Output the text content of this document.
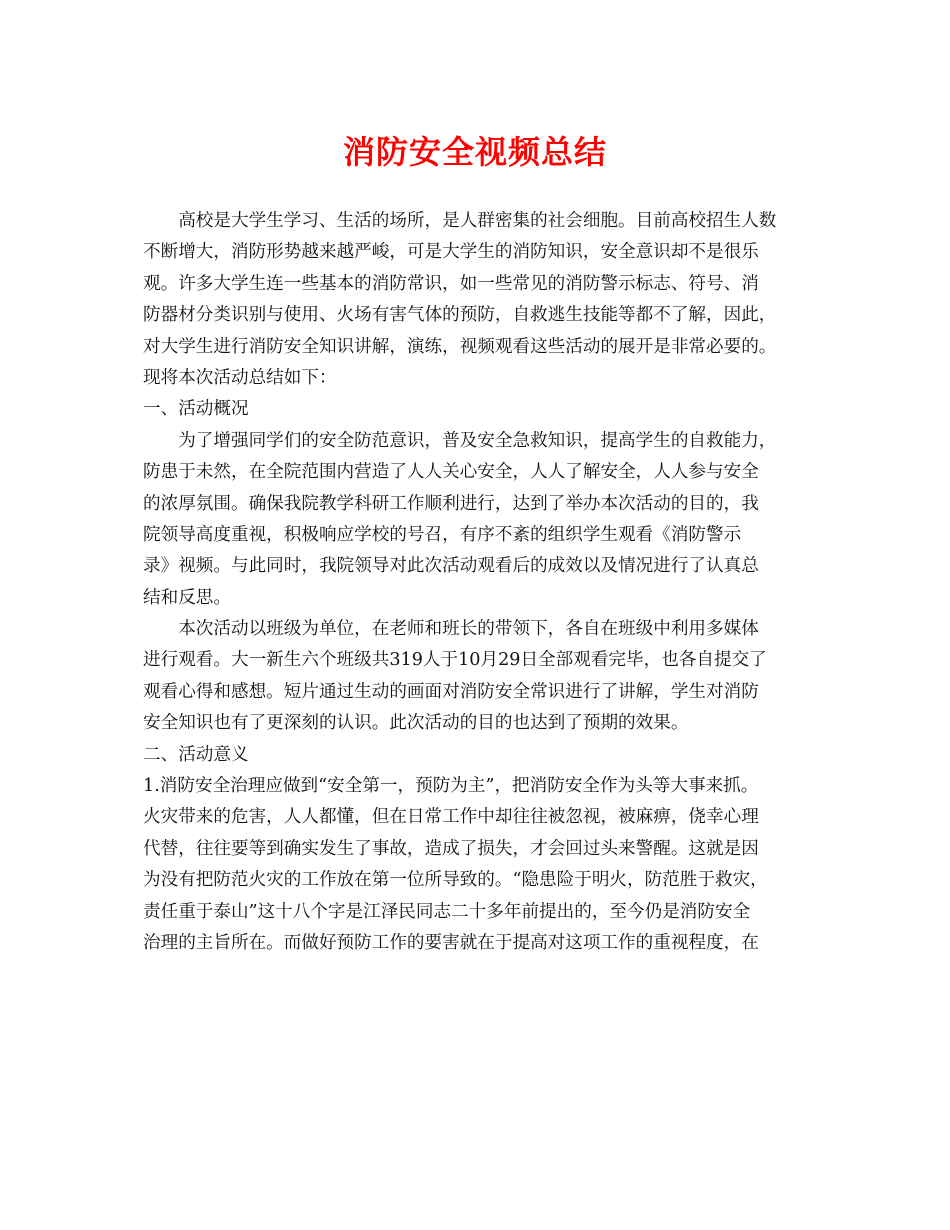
消防安全视频总结
　　高校是大学生学习、生活的场所，是人群密集的社会细胞。目前高校招生人数
不断增大，消防形势越来越严峻，可是大学生的消防知识，安全意识却不是很乐
观。许多大学生连一些基本的消防常识，如一些常见的消防警示标志、符号、消
防器材分类识别与使用、火场有害气体的预防，自救逃生技能等都不了解，因此，
对大学生进行消防安全知识讲解，演练，视频观看这些活动的展开是非常必要的。
现将本次活动总结如下：
一、活动概况
　　为了增强同学们的安全防范意识，普及安全急救知识，提高学生的自救能力，
防患于未然，在全院范围内营造了人人关心安全，人人了解安全，人人参与安全
的浓厚氛围。确保我院教学科研工作顺利进行，达到了举办本次活动的目的，我
院领导高度重视，积极响应学校的号召，有序不紊的组织学生观看《消防警示
录》视频。与此同时，我院领导对此次活动观看后的成效以及情况进行了认真总
结和反思。
　　本次活动以班级为单位，在老师和班长的带领下，各自在班级中利用多媒体
进行观看。大一新生六个班级共319人于10月29日全部观看完毕，也各自提交了
观看心得和感想。短片通过生动的画面对消防安全常识进行了讲解，学生对消防
安全知识也有了更深刻的认识。此次活动的目的也达到了预期的效果。
二、活动意义
1.消防安全治理应做到“安全第一，预防为主”，把消防安全作为头等大事来抓。
火灾带来的危害，人人都懂，但在日常工作中却往往被忽视，被麻痹，侥幸心理
代替，往往要等到确实发生了事故，造成了损失，才会回过头来警醒。这就是因
为没有把防范火灾的工作放在第一位所导致的。“隐患险于明火，防范胜于救灾，
责任重于泰山”这十八个字是江泽民同志二十多年前提出的，至今仍是消防安全
治理的主旨所在。而做好预防工作的要害就在于提高对这项工作的重视程度，在
